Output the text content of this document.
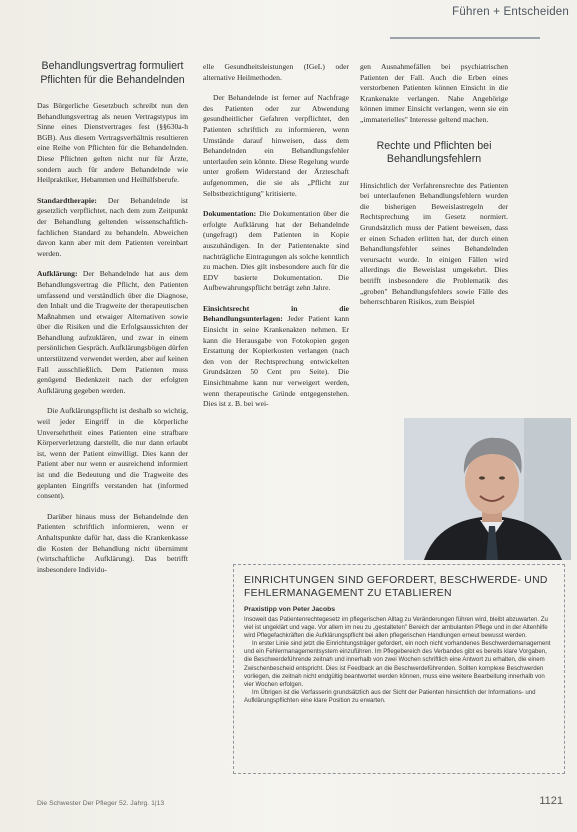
Führen + Entscheiden
Behandlungsvertrag formuliert Pflichten für die Behandelnden

Das Bürgerliche Gesetzbuch schreibt nun den Behandlungsvertrag als neuen Vertragstypus im Sinne eines Dienstvertrages fest (§§630a-h BGB). Aus diesem Vertragsverhältnis resultieren eine Reihe von Pflichten für die Behandelnden. Diese Pflichten gelten nicht nur für Ärzte, sondern auch für andere Behandelnde wie Heilpraktiker, Hebammen und Heilhilfsberufe.

Standardtherapie: Der Behandelnde ist gesetzlich verpflichtet, nach dem zum Zeitpunkt der Behandlung geltenden wissenschaftlich-fachlichen Standard zu behandeln. Abweichen davon kann aber mit dem Patienten vereinbart werden.

Aufklärung: Der Behandelnde hat aus dem Behandlungsvertrag die Pflicht, den Patienten umfassend und verständlich über die Diagnose, den Inhalt und die Tragweite der therapeutischen Maßnahmen und etwaiger Alternativen sowie über die Risiken und die Erfolgsaussichten der Behandlung aufzuklären, und zwar in einem persönlichen Gespräch. Aufklärungsbögen dürfen unterstützend verwendet werden, aber auf keinen Fall ausschließlich. Dem Patienten muss genügend Bedenkzeit nach der erfolgten Aufklärung gegeben werden.

Die Aufklärungspflicht ist deshalb so wichtig, weil jeder Eingriff in die körperliche Unversehrtheit eines Patienten eine strafbare Körperverletzung darstellt, die nur dann erlaubt ist, wenn der Patient einwilligt. Dies kann der Patient aber nur wenn er ausreichend informiert ist und die Bedeutung und die Tragweite des geplanten Eingriffs verstanden hat (informed consent).

Darüber hinaus muss der Behandelnde den Patienten schriftlich informieren, wenn er Anhaltspunkte dafür hat, dass die Krankenkasse die Kosten der Behandlung nicht übernimmt (wirtschaftliche Aufklärung). Das betrifft insbesondere Individu-

elle Gesundheitsleistungen (IGeL) oder alternative Heilmethoden.

Der Behandelnde ist ferner auf Nachfrage des Patienten oder zur Abwendung gesundheitlicher Gefahren verpflichtet, den Patienten schriftlich zu informieren, wenn Umstände darauf hinweisen, dass dem Behandelnden ein Behandlungsfehler unterlaufen sein könnte. Diese Regelung wurde unter großem Widerstand der Ärzteschaft aufgenommen, die sie als „Pflicht zur Selbstbezichtigung" kritisierte.

Dokumentation: Die Dokumentation über die erfolgte Aufklärung hat der Behandelnde (ungefragt) dem Patienten in Kopie auszuhändigen. In der Patientenakte sind nachträgliche Eintragungen als solche kenntlich zu machen. Dies gilt insbesondere auch für die EDV basierte Dokumentation. Die Aufbewahrungspflicht beträgt zehn Jahre.

Einsichtsrecht in die Behandlungsunterlagen: Jeder Patient kann Einsicht in seine Krankenakten nehmen. Er kann die Herausgabe von Fotokopien gegen Erstattung der Kopierkosten verlangen (nach den von der Rechtsprechung entwickelten Grundsätzen 50 Cent pro Seite). Die Einsichtnahme kann nur verweigert werden, wenn therapeutische Gründe entgegenstehen. Dies ist z. B. bei wei-

gen Ausnahmefällen bei psychiatrischen Patienten der Fall. Auch die Erben eines verstorbenen Patienten können Einsicht in die Krankenakte verlangen. Nahe Angehörige können immer Einsicht verlangen, wenn sie ein „immaterielles" Interesse geltend machen.

Rechte und Pflichten bei Behandlungsfehlern

Hinsichtlich der Verfahrensrechte des Patienten bei unterlaufenen Behandlungsfehlern wurden die bisherigen Beweislastregeln der Rechtsprechung im Gesetz normiert. Grundsätzlich muss der Patient beweisen, dass er einen Schaden erlitten hat, der durch einen Behandlungsfehler seines Behandelnden verursacht wurde. In einigen Fällen wird allerdings die Beweislast umgekehrt. Dies betrifft insbesondere die Problematik des „groben" Behandlungsfehlers sowie Fälle des beherrschbaren Risikos, zum Beispiel

EINRICHTUNGEN SIND GEFORDERT, BESCHWERDE- UND FEHLERMANAGEMENT ZU ETABLIEREN
Praxistipp von Peter Jacobs

Insoweit das Patientenrechtegesetz im pflegerischen Alltag zu Veränderungen führen wird, bleibt abzuwarten. Zu viel ist ungeklärt und vage. Vor allem im neu zu „gestalteten" Bereich der ambulanten Pflege und in der Altenhilfe wird Pflegefachkräften die Aufklärungspflicht bei allen pflegerischen Handlungen erneut bewusst werden.

In erster Linie sind jetzt die Einrichtungsträger gefordert, ein noch nicht vorhandenes Beschwerdemanagement und ein Fehlermanagementsystem einzuführen. Im Pflegebereich des Verbandes gibt es bereits klare Vorgaben, die Beschwerdeführende zeitnah und innerhalb von zwei Wochen schriftlich eine Antwort zu erhalten, die einem Zwischenbescheid entspricht. Dies ist Feedback an die Beschwerdeführenden. Sollten komplexe Beschwerden vorliegen, die zeitnah nicht endgültig beantwortet werden können, muss eine weitere Bearbeitung innerhalb von vier Wochen erfolgen.

Im Übrigen ist die Verfasserin grundsätzlich aus der Sicht der Patienten hinsichtlich der Informations- und Aufklärungspflichten eine klare Position zu erwarten.

Die Schwester Der Pfleger 52. Jahrg. 1|13	1121
